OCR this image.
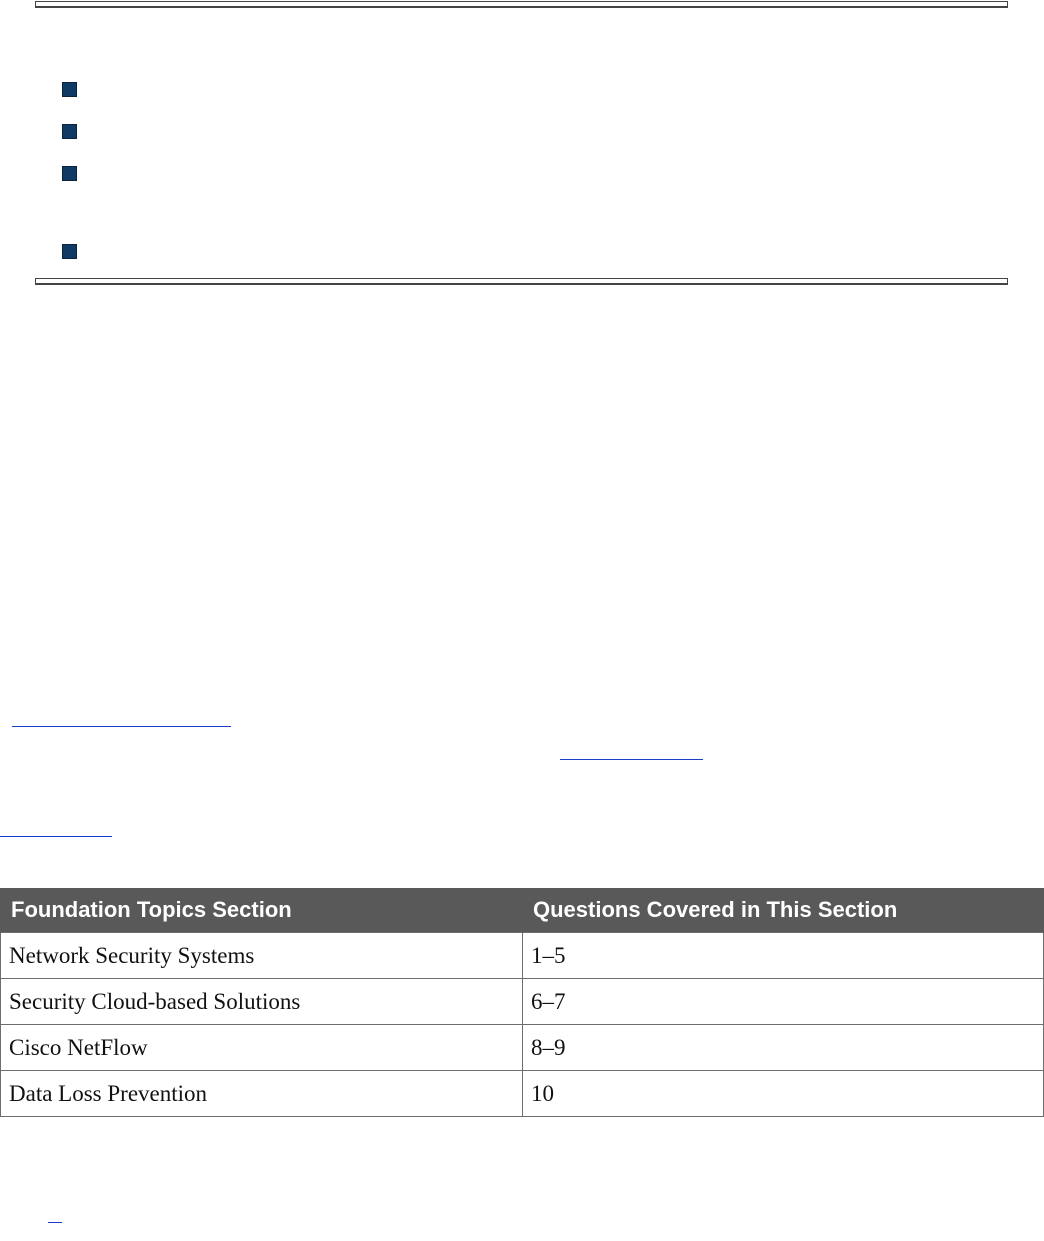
Foundation Topics Section	Questions Covered in This Section
Network Security Systems	1–5
Security Cloud-based Solutions	6–7
Cisco NetFlow	8–9
Data Loss Prevention	10
